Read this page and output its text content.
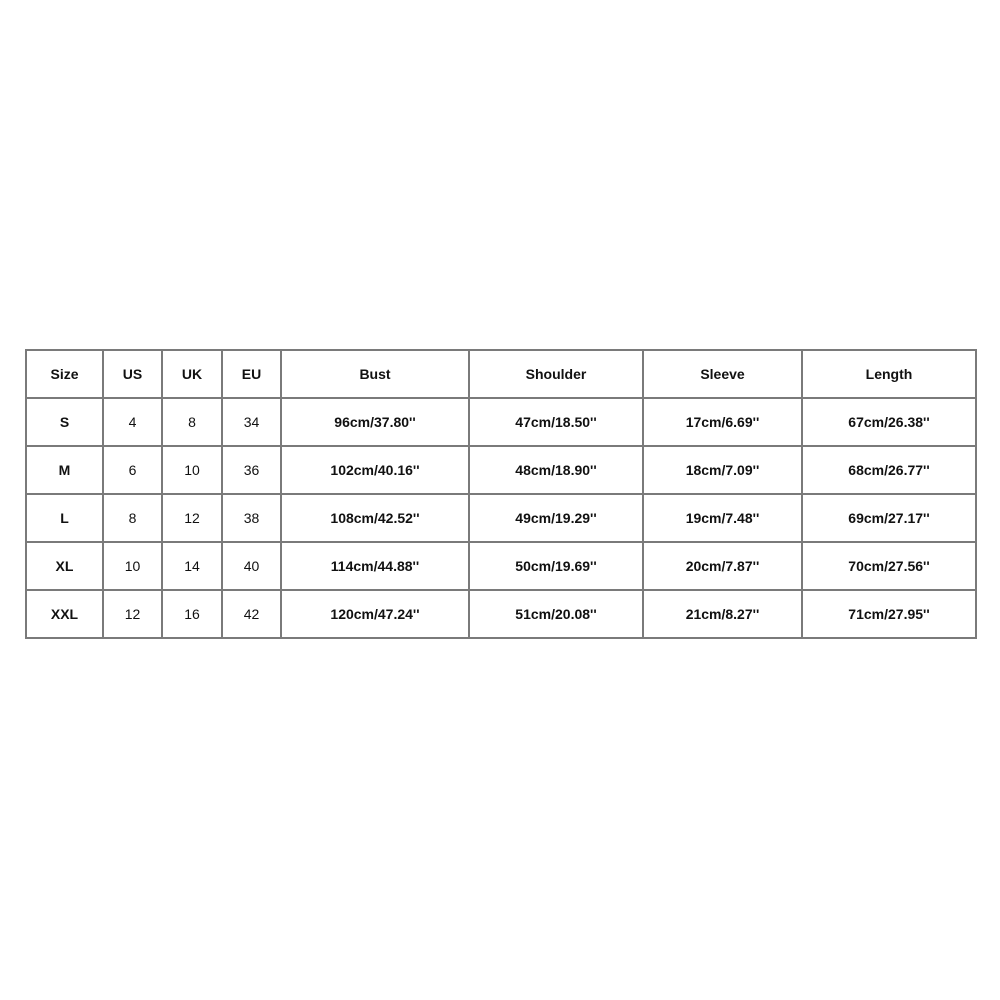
Size	US	UK	EU	Bust	Shoulder	Sleeve	Length
S	4	8	34	96cm/37.80''	47cm/18.50''	17cm/6.69''	67cm/26.38''
M	6	10	36	102cm/40.16''	48cm/18.90''	18cm/7.09''	68cm/26.77''
L	8	12	38	108cm/42.52''	49cm/19.29''	19cm/7.48''	69cm/27.17''
XL	10	14	40	114cm/44.88''	50cm/19.69''	20cm/7.87''	70cm/27.56''
XXL	12	16	42	120cm/47.24''	51cm/20.08''	21cm/8.27''	71cm/27.95''
